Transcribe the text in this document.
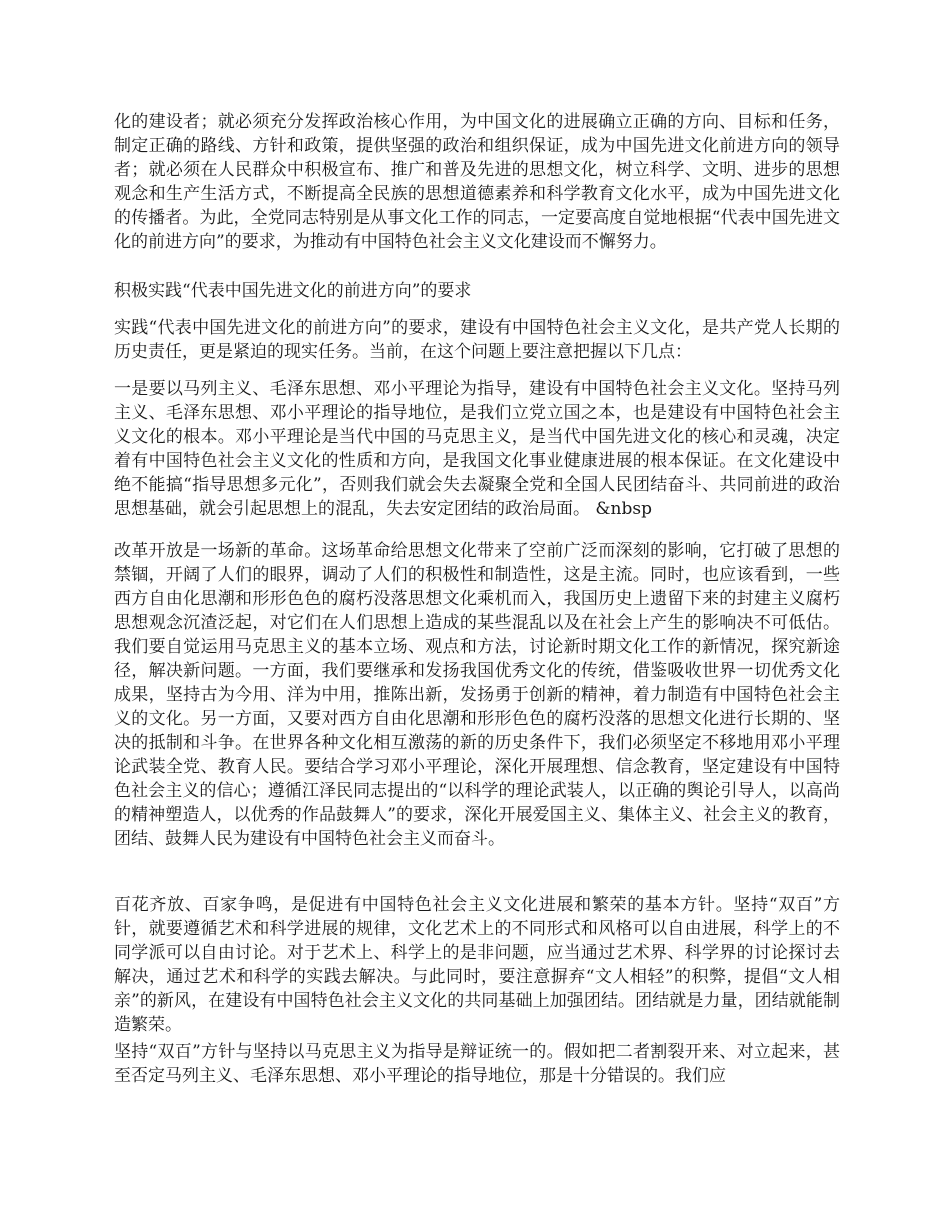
化的建设者；就必须充分发挥政治核心作用，为中国文化的进展确立正确的方向、目标和任务，制定正确的路线、方针和政策，提供坚强的政治和组织保证，成为中国先进文化前进方向的领导者；就必须在人民群众中积极宣布、推广和普及先进的思想文化，树立科学、文明、进步的思想观念和生产生活方式，不断提高全民族的思想道德素养和科学教育文化水平，成为中国先进文化的传播者。为此，全党同志特别是从事文化工作的同志，一定要高度自觉地根据“代表中国先进文化的前进方向”的要求，为推动有中国特色社会主义文化建设而不懈努力。

积极实践“代表中国先进文化的前进方向”的要求

实践“代表中国先进文化的前进方向”的要求，建设有中国特色社会主义文化，是共产党人长期的历史责任，更是紧迫的现实任务。当前，在这个问题上要注意把握以下几点：

一是要以马列主义、毛泽东思想、邓小平理论为指导，建设有中国特色社会主义文化。坚持马列主义、毛泽东思想、邓小平理论的指导地位，是我们立党立国之本，也是建设有中国特色社会主义文化的根本。邓小平理论是当代中国的马克思主义，是当代中国先进文化的核心和灵魂，决定着有中国特色社会主义文化的性质和方向，是我国文化事业健康进展的根本保证。在文化建设中绝不能搞“指导思想多元化”，否则我们就会失去凝聚全党和全国人民团结奋斗、共同前进的政治思想基础，就会引起思想上的混乱，失去安定团结的政治局面。 &nbsp

改革开放是一场新的革命。这场革命给思想文化带来了空前广泛而深刻的影响，它打破了思想的禁锢，开阔了人们的眼界，调动了人们的积极性和制造性，这是主流。同时，也应该看到，一些西方自由化思潮和形形色色的腐朽没落思想文化乘机而入，我国历史上遗留下来的封建主义腐朽思想观念沉渣泛起，对它们在人们思想上造成的某些混乱以及在社会上产生的影响决不可低估。我们要自觉运用马克思主义的基本立场、观点和方法，讨论新时期文化工作的新情况，探究新途径，解决新问题。一方面，我们要继承和发扬我国优秀文化的传统，借鉴吸收世界一切优秀文化成果，坚持古为今用、洋为中用，推陈出新，发扬勇于创新的精神，着力制造有中国特色社会主义的文化。另一方面，又要对西方自由化思潮和形形色色的腐朽没落的思想文化进行长期的、坚决的抵制和斗争。在世界各种文化相互激荡的新的历史条件下，我们必须坚定不移地用邓小平理论武装全党、教育人民。要结合学习邓小平理论，深化开展理想、信念教育，坚定建设有中国特色社会主义的信心；遵循江泽民同志提出的“以科学的理论武装人，以正确的舆论引导人，以高尚的精神塑造人，以优秀的作品鼓舞人”的要求，深化开展爱国主义、集体主义、社会主义的教育，团结、鼓舞人民为建设有中国特色社会主义而奋斗。

百花齐放、百家争鸣，是促进有中国特色社会主义文化进展和繁荣的基本方针。坚持“双百”方针，就要遵循艺术和科学进展的规律，文化艺术上的不同形式和风格可以自由进展，科学上的不同学派可以自由讨论。对于艺术上、科学上的是非问题，应当通过艺术界、科学界的讨论探讨去解决，通过艺术和科学的实践去解决。与此同时，要注意摒弃“文人相轻”的积弊，提倡“文人相亲”的新风，在建设有中国特色社会主义文化的共同基础上加强团结。团结就是力量，团结就能制造繁荣。

坚持“双百”方针与坚持以马克思主义为指导是辩证统一的。假如把二者割裂开来、对立起来，甚至否定马列主义、毛泽东思想、邓小平理论的指导地位，那是十分错误的。我们应
